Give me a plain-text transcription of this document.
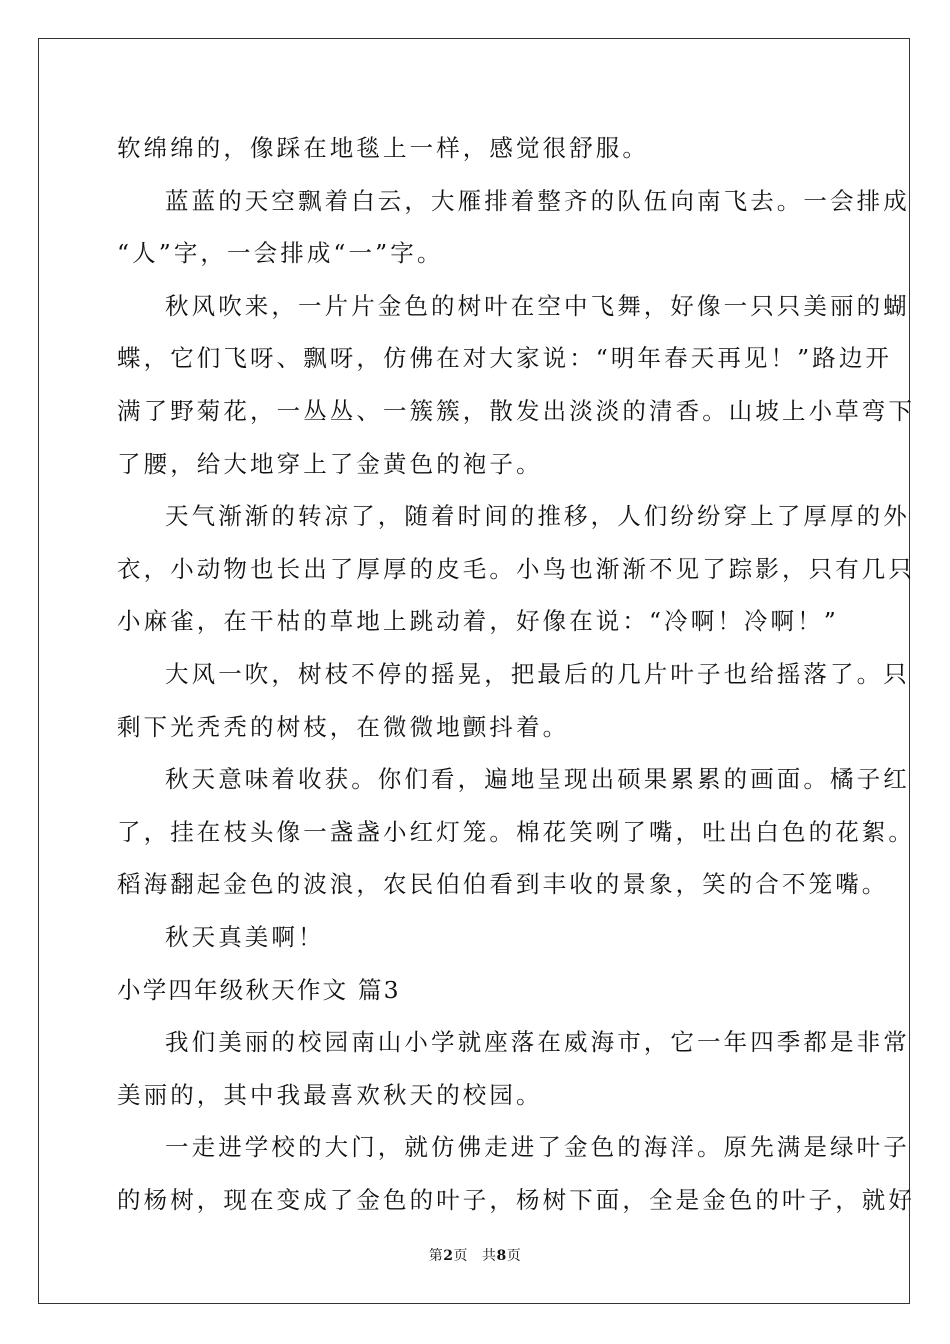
软绵绵的，像踩在地毯上一样，感觉很舒服。
蓝蓝的天空飘着白云，大雁排着整齐的队伍向南飞去。一会排成
“人”字，一会排成“一”字。
秋风吹来，一片片金色的树叶在空中飞舞，好像一只只美丽的蝴
蝶，它们飞呀、飘呀，仿佛在对大家说：“明年春天再见！”路边开
满了野菊花，一丛丛、一簇簇，散发出淡淡的清香。山坡上小草弯下
了腰，给大地穿上了金黄色的袍子。
天气渐渐的转凉了，随着时间的推移，人们纷纷穿上了厚厚的外
衣，小动物也长出了厚厚的皮毛。小鸟也渐渐不见了踪影，只有几只
小麻雀，在干枯的草地上跳动着，好像在说：“冷啊！冷啊！”
大风一吹，树枝不停的摇晃，把最后的几片叶子也给摇落了。只
剩下光秃秃的树枝，在微微地颤抖着。
秋天意味着收获。你们看，遍地呈现出硕果累累的画面。橘子红
了，挂在枝头像一盏盏小红灯笼。棉花笑咧了嘴，吐出白色的花絮。
稻海翻起金色的波浪，农民伯伯看到丰收的景象，笑的合不笼嘴。
秋天真美啊！
小学四年级秋天作文 篇3
我们美丽的校园南山小学就座落在威海市，它一年四季都是非常
美丽的，其中我最喜欢秋天的校园。
一走进学校的大门，就仿佛走进了金色的海洋。原先满是绿叶子
的杨树，现在变成了金色的叶子，杨树下面，全是金色的叶子，就好
第2页 共8页
